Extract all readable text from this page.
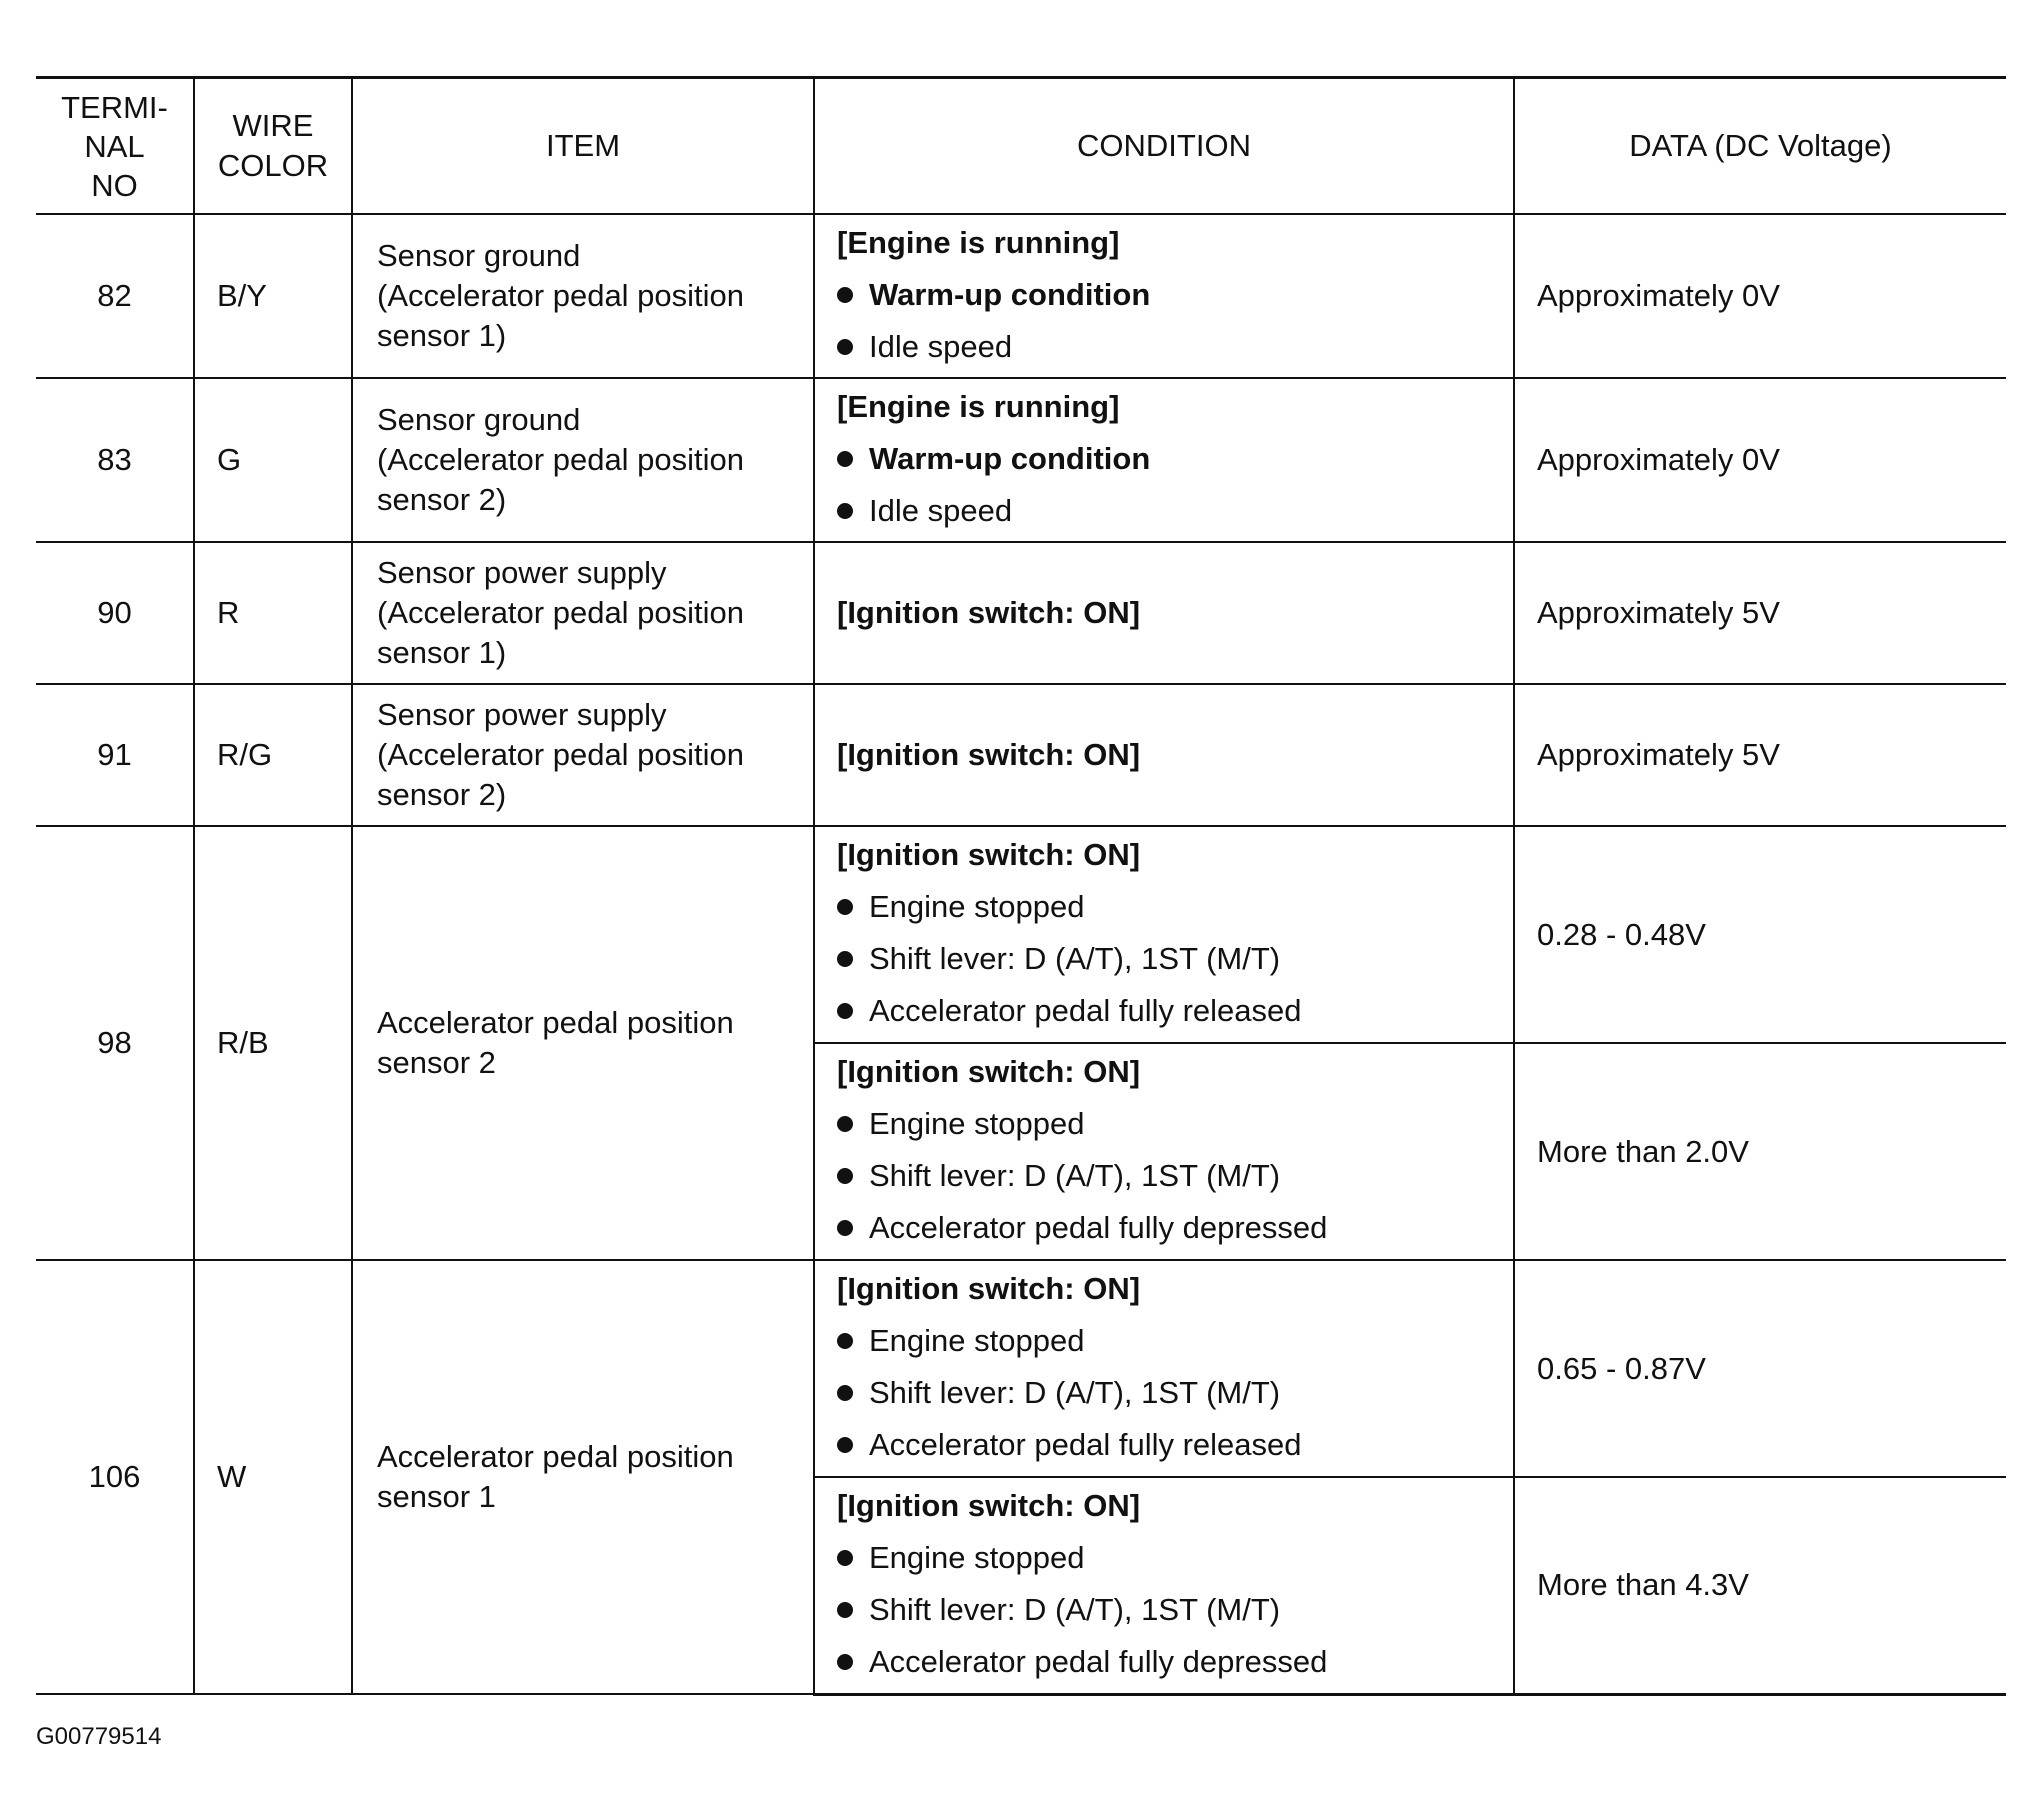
TERMI-
NAL
NO	WIRE
COLOR	ITEM	CONDITION	DATA (DC Voltage)
82	B/Y	Sensor ground
(Accelerator pedal position
sensor 1)	[Engine is running]
Warm-up condition
Idle speed	Approximately 0V
83	G	Sensor ground
(Accelerator pedal position
sensor 2)	[Engine is running]
Warm-up condition
Idle speed	Approximately 0V
90	R	Sensor power supply
(Accelerator pedal position
sensor 1)	[Ignition switch: ON]	Approximately 5V
91	R/G	Sensor power supply
(Accelerator pedal position
sensor 2)	[Ignition switch: ON]	Approximately 5V
98	R/B	Accelerator pedal position
sensor 2	[Ignition switch: ON]
Engine stopped
Shift lever: D (A/T), 1ST (M/T)
Accelerator pedal fully released	0.28 - 0.48V

			[Ignition switch: ON]
Engine stopped
Shift lever: D (A/T), 1ST (M/T)
Accelerator pedal fully depressed	More than 2.0V
106	W	Accelerator pedal position
sensor 1	[Ignition switch: ON]
Engine stopped
Shift lever: D (A/T), 1ST (M/T)
Accelerator pedal fully released	0.65 - 0.87V

			[Ignition switch: ON]
Engine stopped
Shift lever: D (A/T), 1ST (M/T)
Accelerator pedal fully depressed	More than 4.3V
G00779514
